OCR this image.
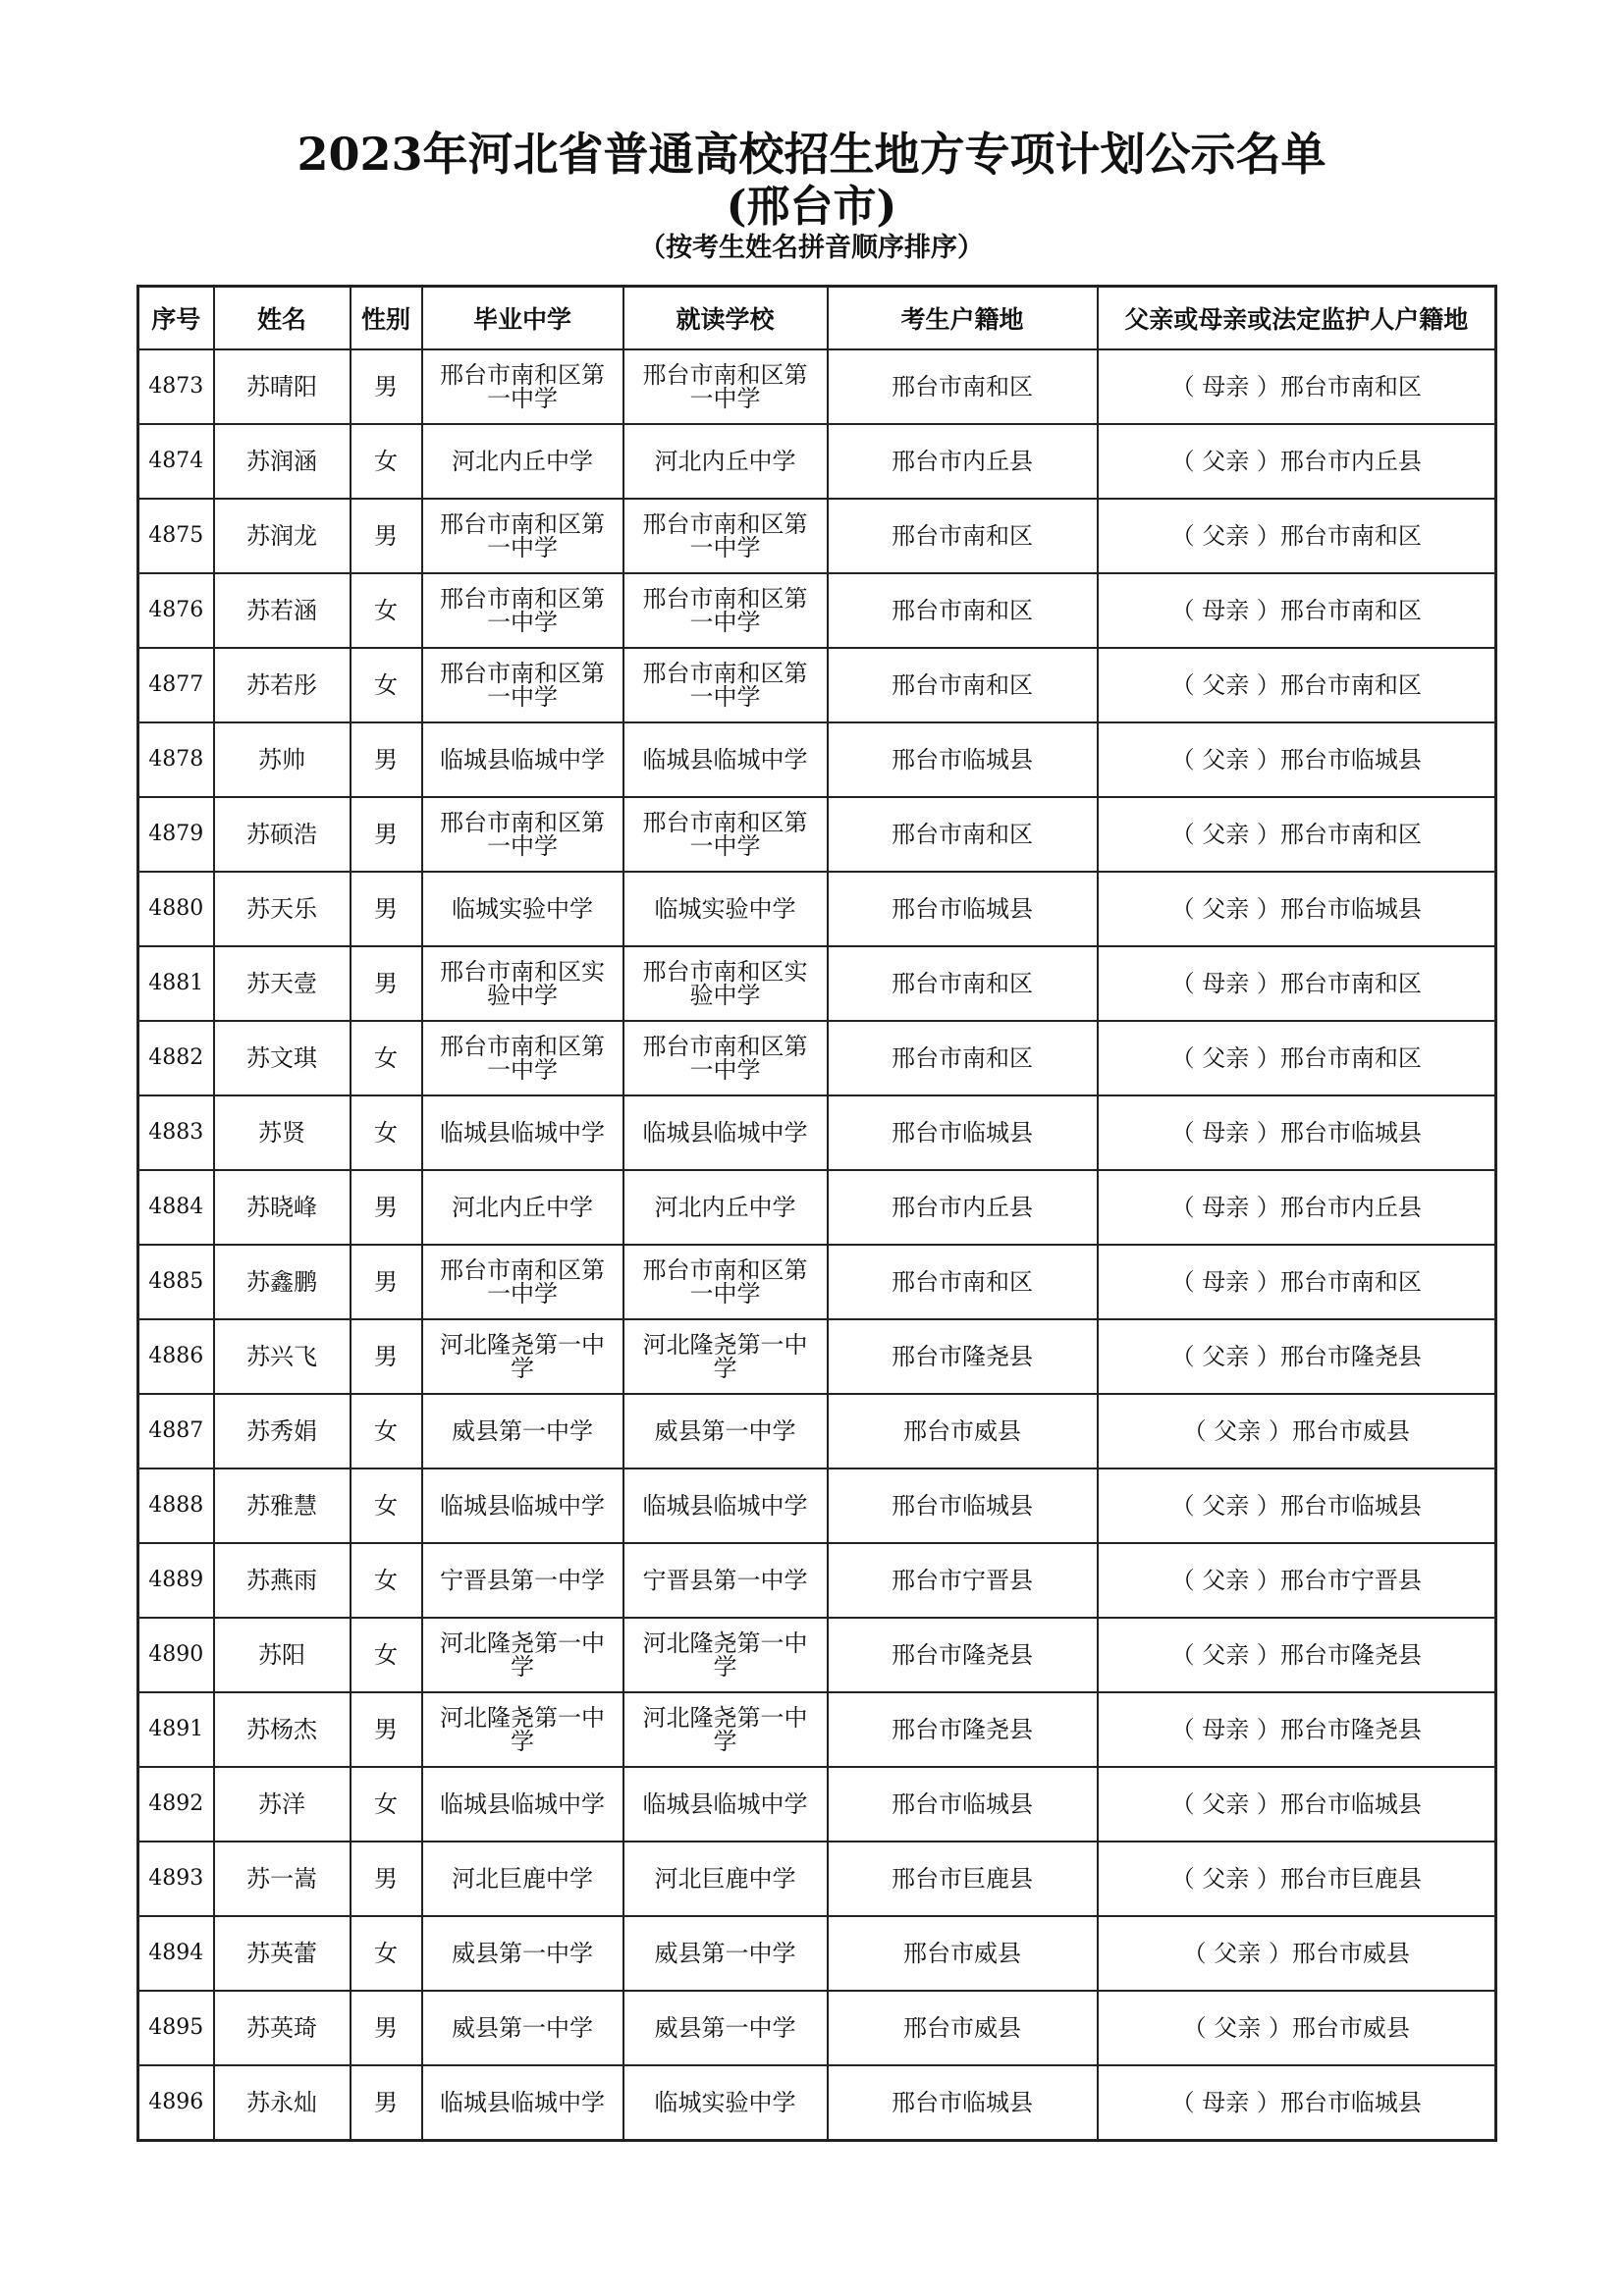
2023年河北省普通高校招生地方专项计划公示名单
(邢台市)
（按考生姓名拼音顺序排序）
序号	姓名	性别	毕业中学	就读学校	考生户籍地	父亲或母亲或法定监护人户籍地
4873	苏晴阳	男	邢台市南和区第一中学	邢台市南和区第一中学	邢台市南和区	（ 母亲 ）邢台市南和区
4874	苏润涵	女	河北内丘中学	河北内丘中学	邢台市内丘县	（ 父亲 ）邢台市内丘县
4875	苏润龙	男	邢台市南和区第一中学	邢台市南和区第一中学	邢台市南和区	（ 父亲 ）邢台市南和区
4876	苏若涵	女	邢台市南和区第一中学	邢台市南和区第一中学	邢台市南和区	（ 母亲 ）邢台市南和区
4877	苏若彤	女	邢台市南和区第一中学	邢台市南和区第一中学	邢台市南和区	（ 父亲 ）邢台市南和区
4878	苏帅	男	临城县临城中学	临城县临城中学	邢台市临城县	（ 父亲 ）邢台市临城县
4879	苏硕浩	男	邢台市南和区第一中学	邢台市南和区第一中学	邢台市南和区	（ 父亲 ）邢台市南和区
4880	苏天乐	男	临城实验中学	临城实验中学	邢台市临城县	（ 父亲 ）邢台市临城县
4881	苏天壹	男	邢台市南和区实验中学	邢台市南和区实验中学	邢台市南和区	（ 母亲 ）邢台市南和区
4882	苏文琪	女	邢台市南和区第一中学	邢台市南和区第一中学	邢台市南和区	（ 父亲 ）邢台市南和区
4883	苏贤	女	临城县临城中学	临城县临城中学	邢台市临城县	（ 母亲 ）邢台市临城县
4884	苏晓峰	男	河北内丘中学	河北内丘中学	邢台市内丘县	（ 母亲 ）邢台市内丘县
4885	苏鑫鹏	男	邢台市南和区第一中学	邢台市南和区第一中学	邢台市南和区	（ 母亲 ）邢台市南和区
4886	苏兴飞	男	河北隆尧第一中学	河北隆尧第一中学	邢台市隆尧县	（ 父亲 ）邢台市隆尧县
4887	苏秀娟	女	威县第一中学	威县第一中学	邢台市威县	（ 父亲 ）邢台市威县
4888	苏雅慧	女	临城县临城中学	临城县临城中学	邢台市临城县	（ 父亲 ）邢台市临城县
4889	苏燕雨	女	宁晋县第一中学	宁晋县第一中学	邢台市宁晋县	（ 父亲 ）邢台市宁晋县
4890	苏阳	女	河北隆尧第一中学	河北隆尧第一中学	邢台市隆尧县	（ 父亲 ）邢台市隆尧县
4891	苏杨杰	男	河北隆尧第一中学	河北隆尧第一中学	邢台市隆尧县	（ 母亲 ）邢台市隆尧县
4892	苏洋	女	临城县临城中学	临城县临城中学	邢台市临城县	（ 父亲 ）邢台市临城县
4893	苏一嵩	男	河北巨鹿中学	河北巨鹿中学	邢台市巨鹿县	（ 父亲 ）邢台市巨鹿县
4894	苏英蕾	女	威县第一中学	威县第一中学	邢台市威县	（ 父亲 ）邢台市威县
4895	苏英琦	男	威县第一中学	威县第一中学	邢台市威县	（ 父亲 ）邢台市威县
4896	苏永灿	男	临城县临城中学	临城实验中学	邢台市临城县	（ 母亲 ）邢台市临城县
